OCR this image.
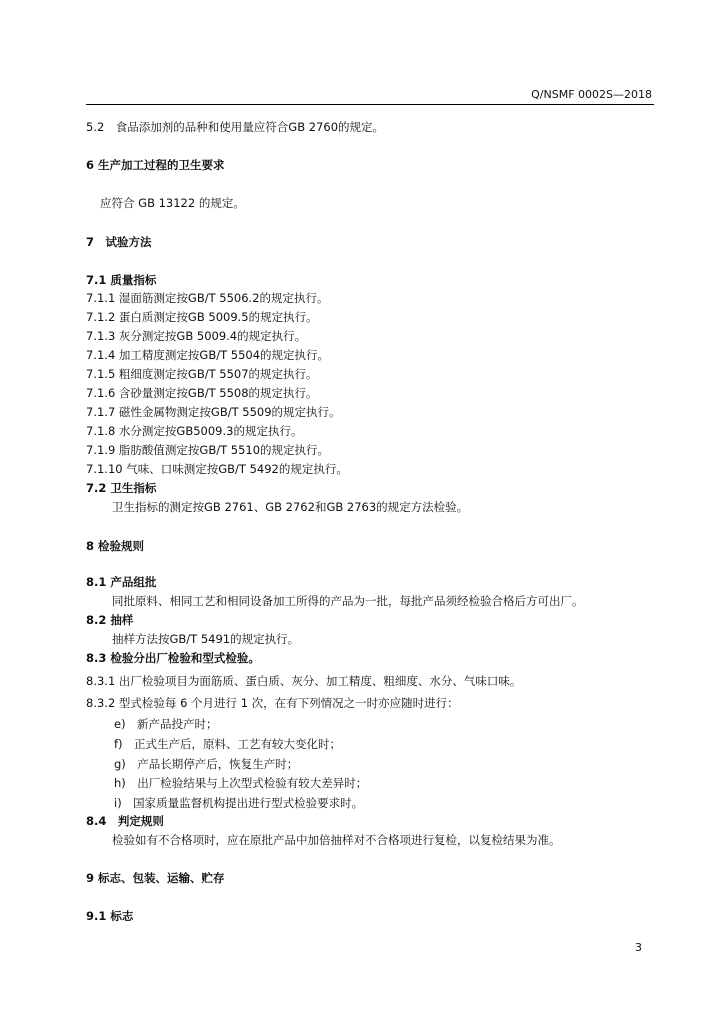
Q/NSMF 0002S—2018
5.2　食品添加剂的品种和使用量应符合GB 2760的规定。
6 生产加工过程的卫生要求
应符合 GB 13122 的规定。
7　试验方法
7.1 质量指标
7.1.1 湿面筋测定按GB/T 5506.2的规定执行。
7.1.2 蛋白质测定按GB 5009.5的规定执行。
7.1.3 灰分测定按GB 5009.4的规定执行。
7.1.4 加工精度测定按GB/T 5504的规定执行。
7.1.5 粗细度测定按GB/T 5507的规定执行。
7.1.6 含砂量测定按GB/T 5508的规定执行。
7.1.7 磁性金属物测定按GB/T 5509的规定执行。
7.1.8 水分测定按GB5009.3的规定执行。
7.1.9 脂肪酸值测定按GB/T 5510的规定执行。
7.1.10 气味、口味测定按GB/T 5492的规定执行。
7.2 卫生指标
卫生指标的测定按GB 2761、GB 2762和GB 2763的规定方法检验。
8 检验规则
8.1 产品组批
同批原料、相同工艺和相同设备加工所得的产品为一批，每批产品须经检验合格后方可出厂。
8.2 抽样
抽样方法按GB/T 5491的规定执行。
8.3 检验分出厂检验和型式检验。
8.3.1 出厂检验项目为面筋质、蛋白质、灰分、加工精度、粗细度、水分、气味口味。
8.3.2 型式检验每 6 个月进行 1 次，在有下列情况之一时亦应随时进行：
e)　新产品投产时；
f)　正式生产后，原料、工艺有较大变化时；
g)　产品长期停产后，恢复生产时；
h)　出厂检验结果与上次型式检验有较大差异时；
i)　国家质量监督机构提出进行型式检验要求时。
8.4　判定规则
检验如有不合格项时，应在原批产品中加倍抽样对不合格项进行复检，以复检结果为准。
9 标志、包装、运输、贮存
9.1 标志
3
